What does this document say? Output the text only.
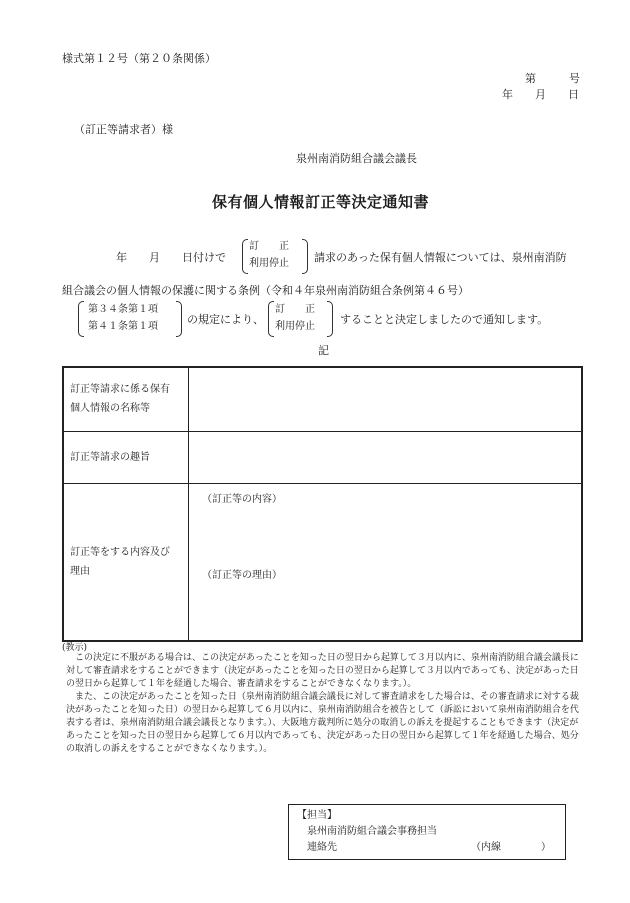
様式第１２号（第２０条関係）
第　　　号
年　　月　　日
（訂正等請求者）様
泉州南消防組合議会議長
保有個人情報訂正等決定通知書
年　　月　　日付けで
訂　　正
利用停止 請求のあった保有個人情報については、泉州南消防
組合議会の個人情報の保護に関する条例（令和４年泉州南消防組合条例第４６号）
第３４条第１項
第４１条第１項
の規定により、
訂　　正
利用停止
することと決定しましたので通知します。
記
訂正等請求に係る保有個人情報の名称等	

訂正等請求の趣旨	

訂正等をする内容及び理由	（訂正等の内容）
（訂正等の理由）
(教示)

この決定に不服がある場合は、この決定があったことを知った日の翌日から起算して３月以内に、泉州南消防組合議会議長に対して審査請求をすることができます（決定があったことを知った日の翌日から起算して３月以内であっても、決定があった日の翌日から起算して１年を経過した場合、審査請求をすることができなくなります。）。

また、この決定があったことを知った日（泉州南消防組合議会議長に対して審査請求をした場合は、その審査請求に対する裁決があったことを知った日）の翌日から起算して６月以内に、泉州南消防組合を被告として（訴訟において泉州南消防組合を代表する者は、泉州南消防組合議会議長となります。）、大阪地方裁判所に処分の取消しの訴えを提起することもできます（決定があったことを知った日の翌日から起算して６月以内であっても、決定があった日の翌日から起算して１年を経過した場合、処分の取消しの訴えをすることができなくなります。）。

【担当】
泉州南消防組合議会事務担当
連絡先	（内線　　　　）
